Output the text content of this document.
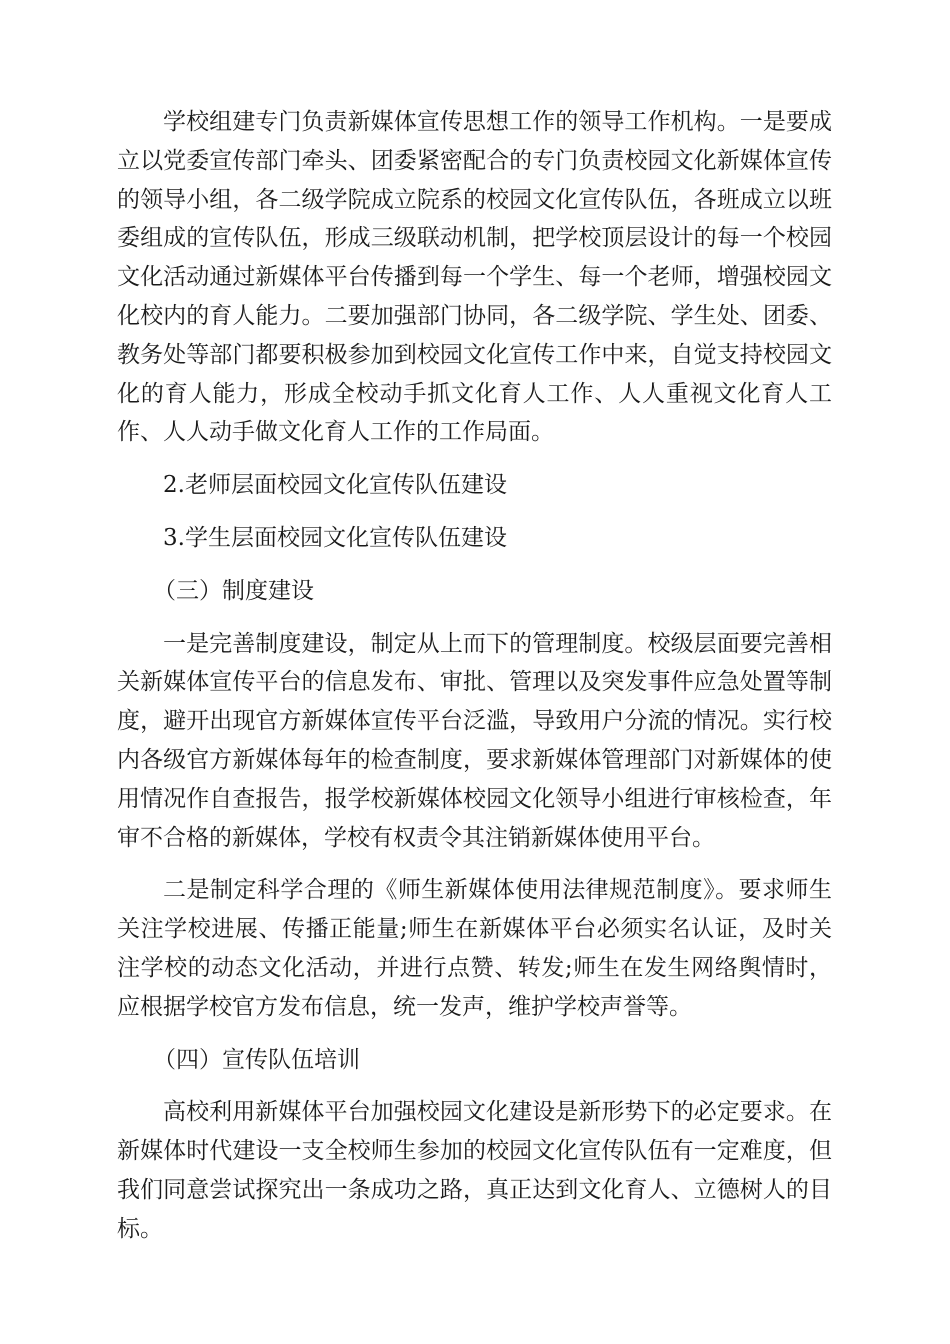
学校组建专门负责新媒体宣传思想工作的领导工作机构。一是要成立以党委宣传部门牵头、团委紧密配合的专门负责校园文化新媒体宣传的领导小组，各二级学院成立院系的校园文化宣传队伍，各班成立以班委组成的宣传队伍，形成三级联动机制，把学校顶层设计的每一个校园文化活动通过新媒体平台传播到每一个学生、每一个老师，增强校园文化校内的育人能力。二要加强部门协同，各二级学院、学生处、团委、教务处等部门都要积极参加到校园文化宣传工作中来，自觉支持校园文化的育人能力，形成全校动手抓文化育人工作、人人重视文化育人工作、人人动手做文化育人工作的工作局面。

2.老师层面校园文化宣传队伍建设

3.学生层面校园文化宣传队伍建设

（三）制度建设

一是完善制度建设，制定从上而下的管理制度。校级层面要完善相关新媒体宣传平台的信息发布、审批、管理以及突发事件应急处置等制度，避开出现官方新媒体宣传平台泛滥，导致用户分流的情况。实行校内各级官方新媒体每年的检查制度，要求新媒体管理部门对新媒体的使用情况作自查报告，报学校新媒体校园文化领导小组进行审核检查，年审不合格的新媒体，学校有权责令其注销新媒体使用平台。

二是制定科学合理的《师生新媒体使用法律规范制度》。要求师生关注学校进展、传播正能量;师生在新媒体平台必须实名认证，及时关注学校的动态文化活动，并进行点赞、转发;师生在发生网络舆情时，应根据学校官方发布信息，统一发声，维护学校声誉等。

（四）宣传队伍培训

高校利用新媒体平台加强校园文化建设是新形势下的必定要求。在新媒体时代建设一支全校师生参加的校园文化宣传队伍有一定难度，但我们同意尝试探究出一条成功之路，真正达到文化育人、立德树人的目标。
